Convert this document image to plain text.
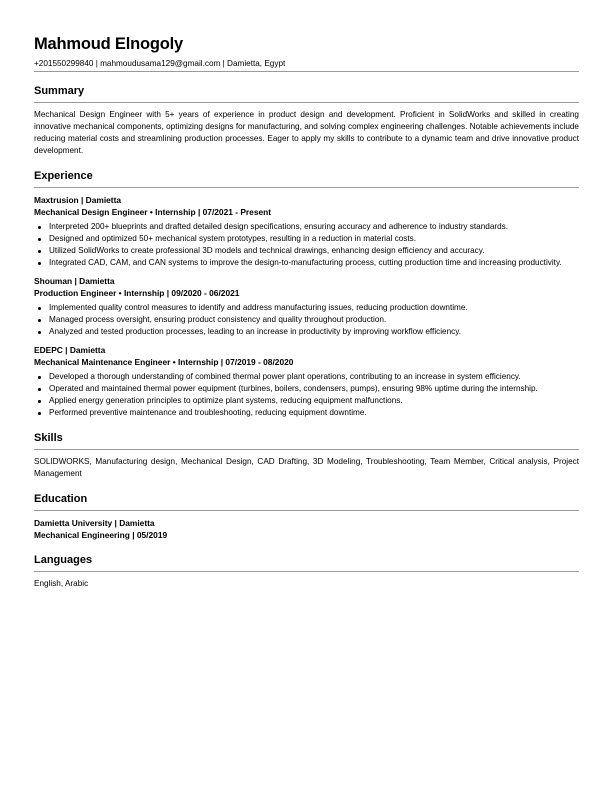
Mahmoud Elnogoly
+201550299840 | mahmoudusama129@gmail.com | Damietta, Egypt
Summary
Mechanical Design Engineer with 5+ years of experience in product design and development. Proficient in SolidWorks and skilled in creating innovative mechanical components, optimizing designs for manufacturing, and solving complex engineering challenges. Notable achievements include reducing material costs and streamlining production processes. Eager to apply my skills to contribute to a dynamic team and drive innovative product development.
Experience
Maxtrusion | Damietta
Mechanical Design Engineer • Internship | 07/2021 - Present
Interpreted 200+ blueprints and drafted detailed design specifications, ensuring accuracy and adherence to industry standards.
Designed and optimized 50+ mechanical system prototypes, resulting in a reduction in material costs.
Utilized SolidWorks to create professional 3D models and technical drawings, enhancing design efficiency and accuracy.
Integrated CAD, CAM, and CAN systems to improve the design-to-manufacturing process, cutting production time and increasing productivity.
Shouman | Damietta
Production Engineer • Internship | 09/2020 - 06/2021
Implemented quality control measures to identify and address manufacturing issues, reducing production downtime.
Managed process oversight, ensuring product consistency and quality throughout production.
Analyzed and tested production processes, leading to an increase in productivity by improving workflow efficiency.
EDEPC | Damietta
Mechanical Maintenance Engineer • Internship | 07/2019 - 08/2020
Developed a thorough understanding of combined thermal power plant operations, contributing to an increase in system efficiency.
Operated and maintained thermal power equipment (turbines, boilers, condensers, pumps), ensuring 98% uptime during the internship.
Applied energy generation principles to optimize plant systems, reducing equipment malfunctions.
Performed preventive maintenance and troubleshooting, reducing equipment downtime.
Skills
SOLIDWORKS, Manufacturing design, Mechanical Design, CAD Drafting, 3D Modeling, Troubleshooting, Team Member, Critical analysis, Project Management
Education
Damietta University | Damietta
Mechanical Engineering | 05/2019
Languages
English, Arabic
